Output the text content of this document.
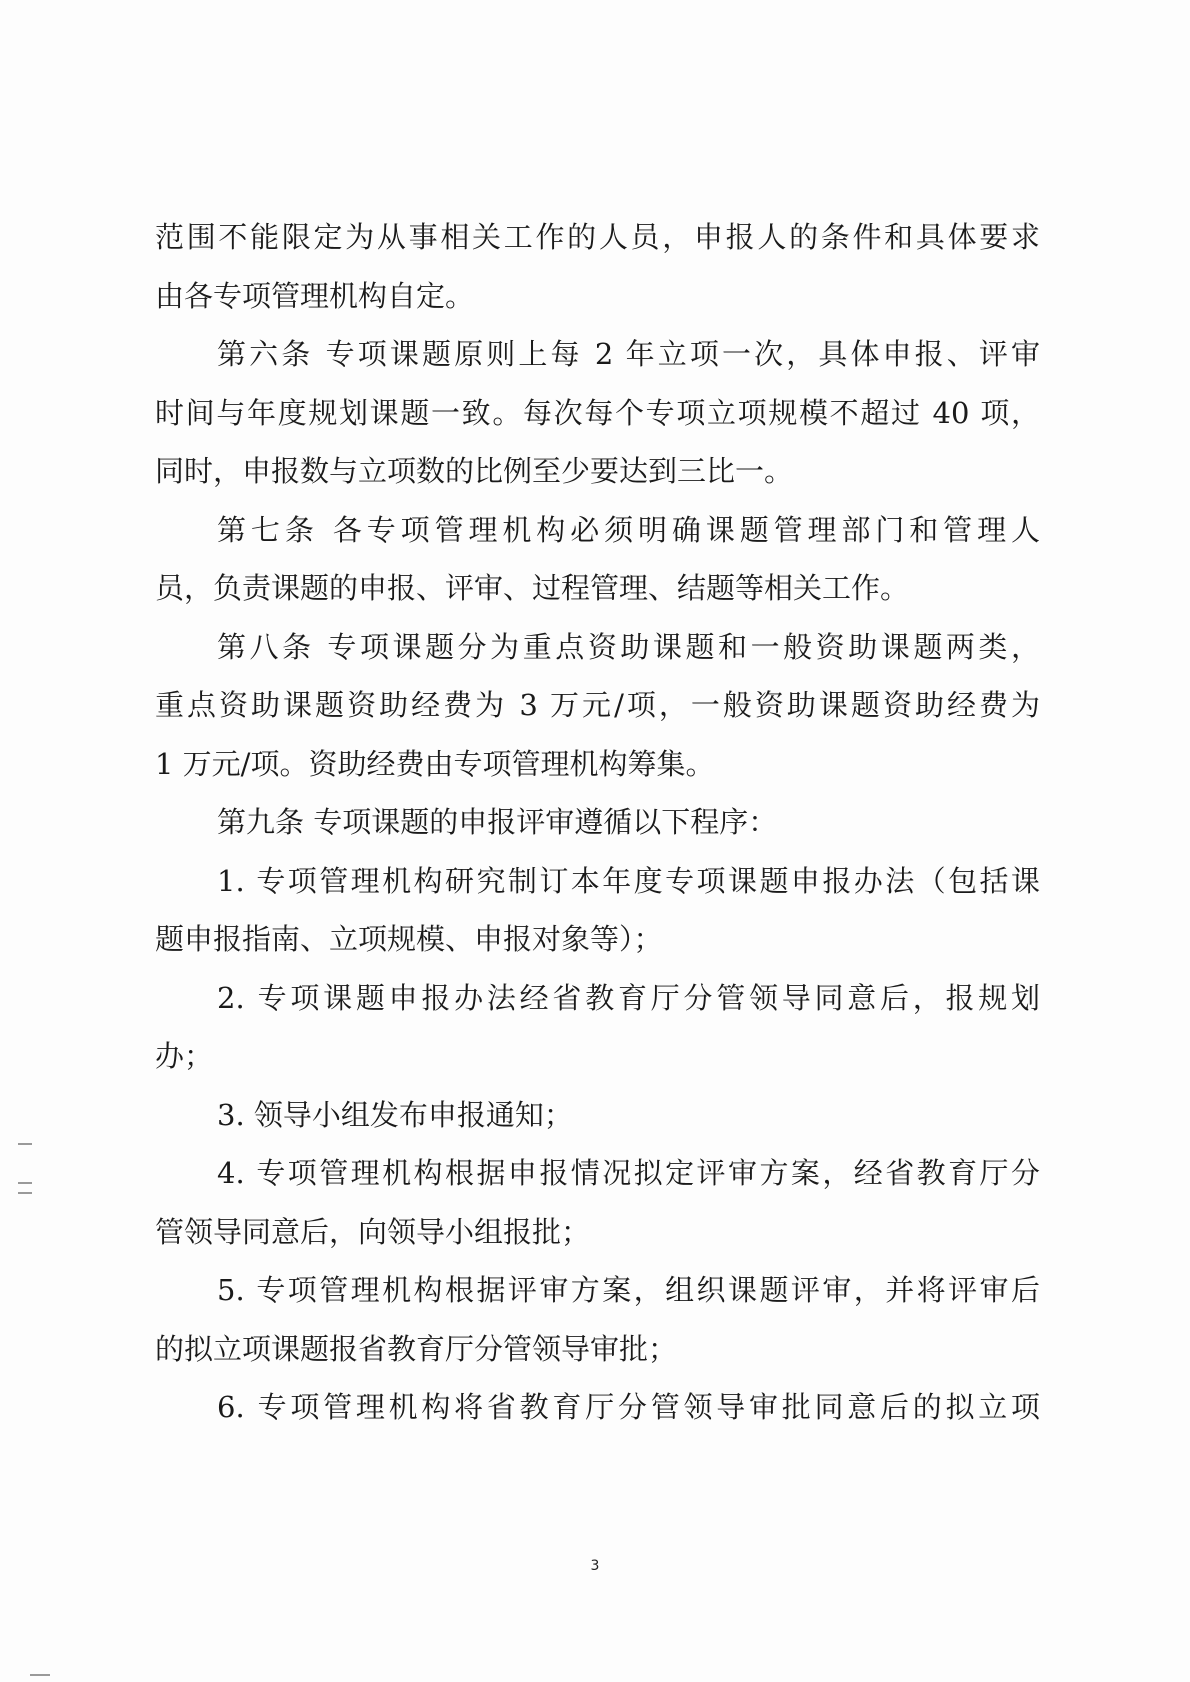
范围不能限定为从事相关工作的人员，申报人的条件和具体要求
由各专项管理机构自定。
第六条 专项课题原则上每 2 年立项一次，具体申报、评审
时间与年度规划课题一致。每次每个专项立项规模不超过 40 项，
同时，申报数与立项数的比例至少要达到三比一。
第七条 各专项管理机构必须明确课题管理部门和管理人
员，负责课题的申报、评审、过程管理、结题等相关工作。
第八条 专项课题分为重点资助课题和一般资助课题两类，
重点资助课题资助经费为 3 万元/项，一般资助课题资助经费为
1 万元/项。资助经费由专项管理机构筹集。
第九条 专项课题的申报评审遵循以下程序：
1. 专项管理机构研究制订本年度专项课题申报办法（包括课
题申报指南、立项规模、申报对象等）；
2. 专项课题申报办法经省教育厅分管领导同意后，报规划
办；
3. 领导小组发布申报通知；
4. 专项管理机构根据申报情况拟定评审方案，经省教育厅分
管领导同意后，向领导小组报批；
5. 专项管理机构根据评审方案，组织课题评审，并将评审后
的拟立项课题报省教育厅分管领导审批；
6. 专项管理机构将省教育厅分管领导审批同意后的拟立项
3
